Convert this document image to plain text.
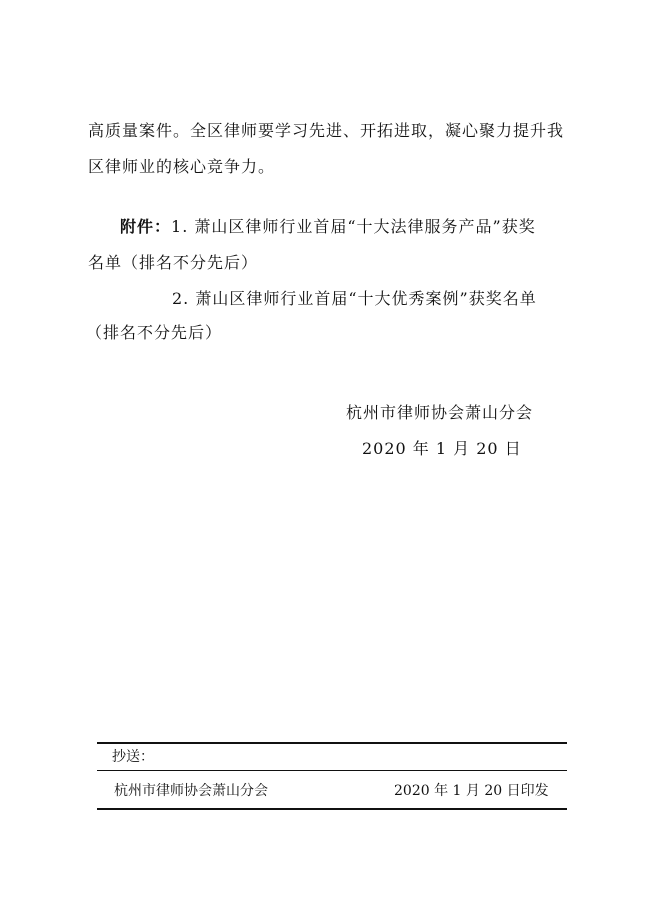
高质量案件。全区律师要学习先进、开拓进取，凝心聚力提升我
区律师业的核心竞争力。
附件：1. 萧山区律师行业首届“十大法律服务产品”获奖
名单（排名不分先后）
2. 萧山区律师行业首届“十大优秀案例”获奖名单
（排名不分先后）
杭州市律师协会萧山分会
2020 年 1 月 20 日
抄送：
杭州市律师协会萧山分会	2020 年 1 月 20 日印发
